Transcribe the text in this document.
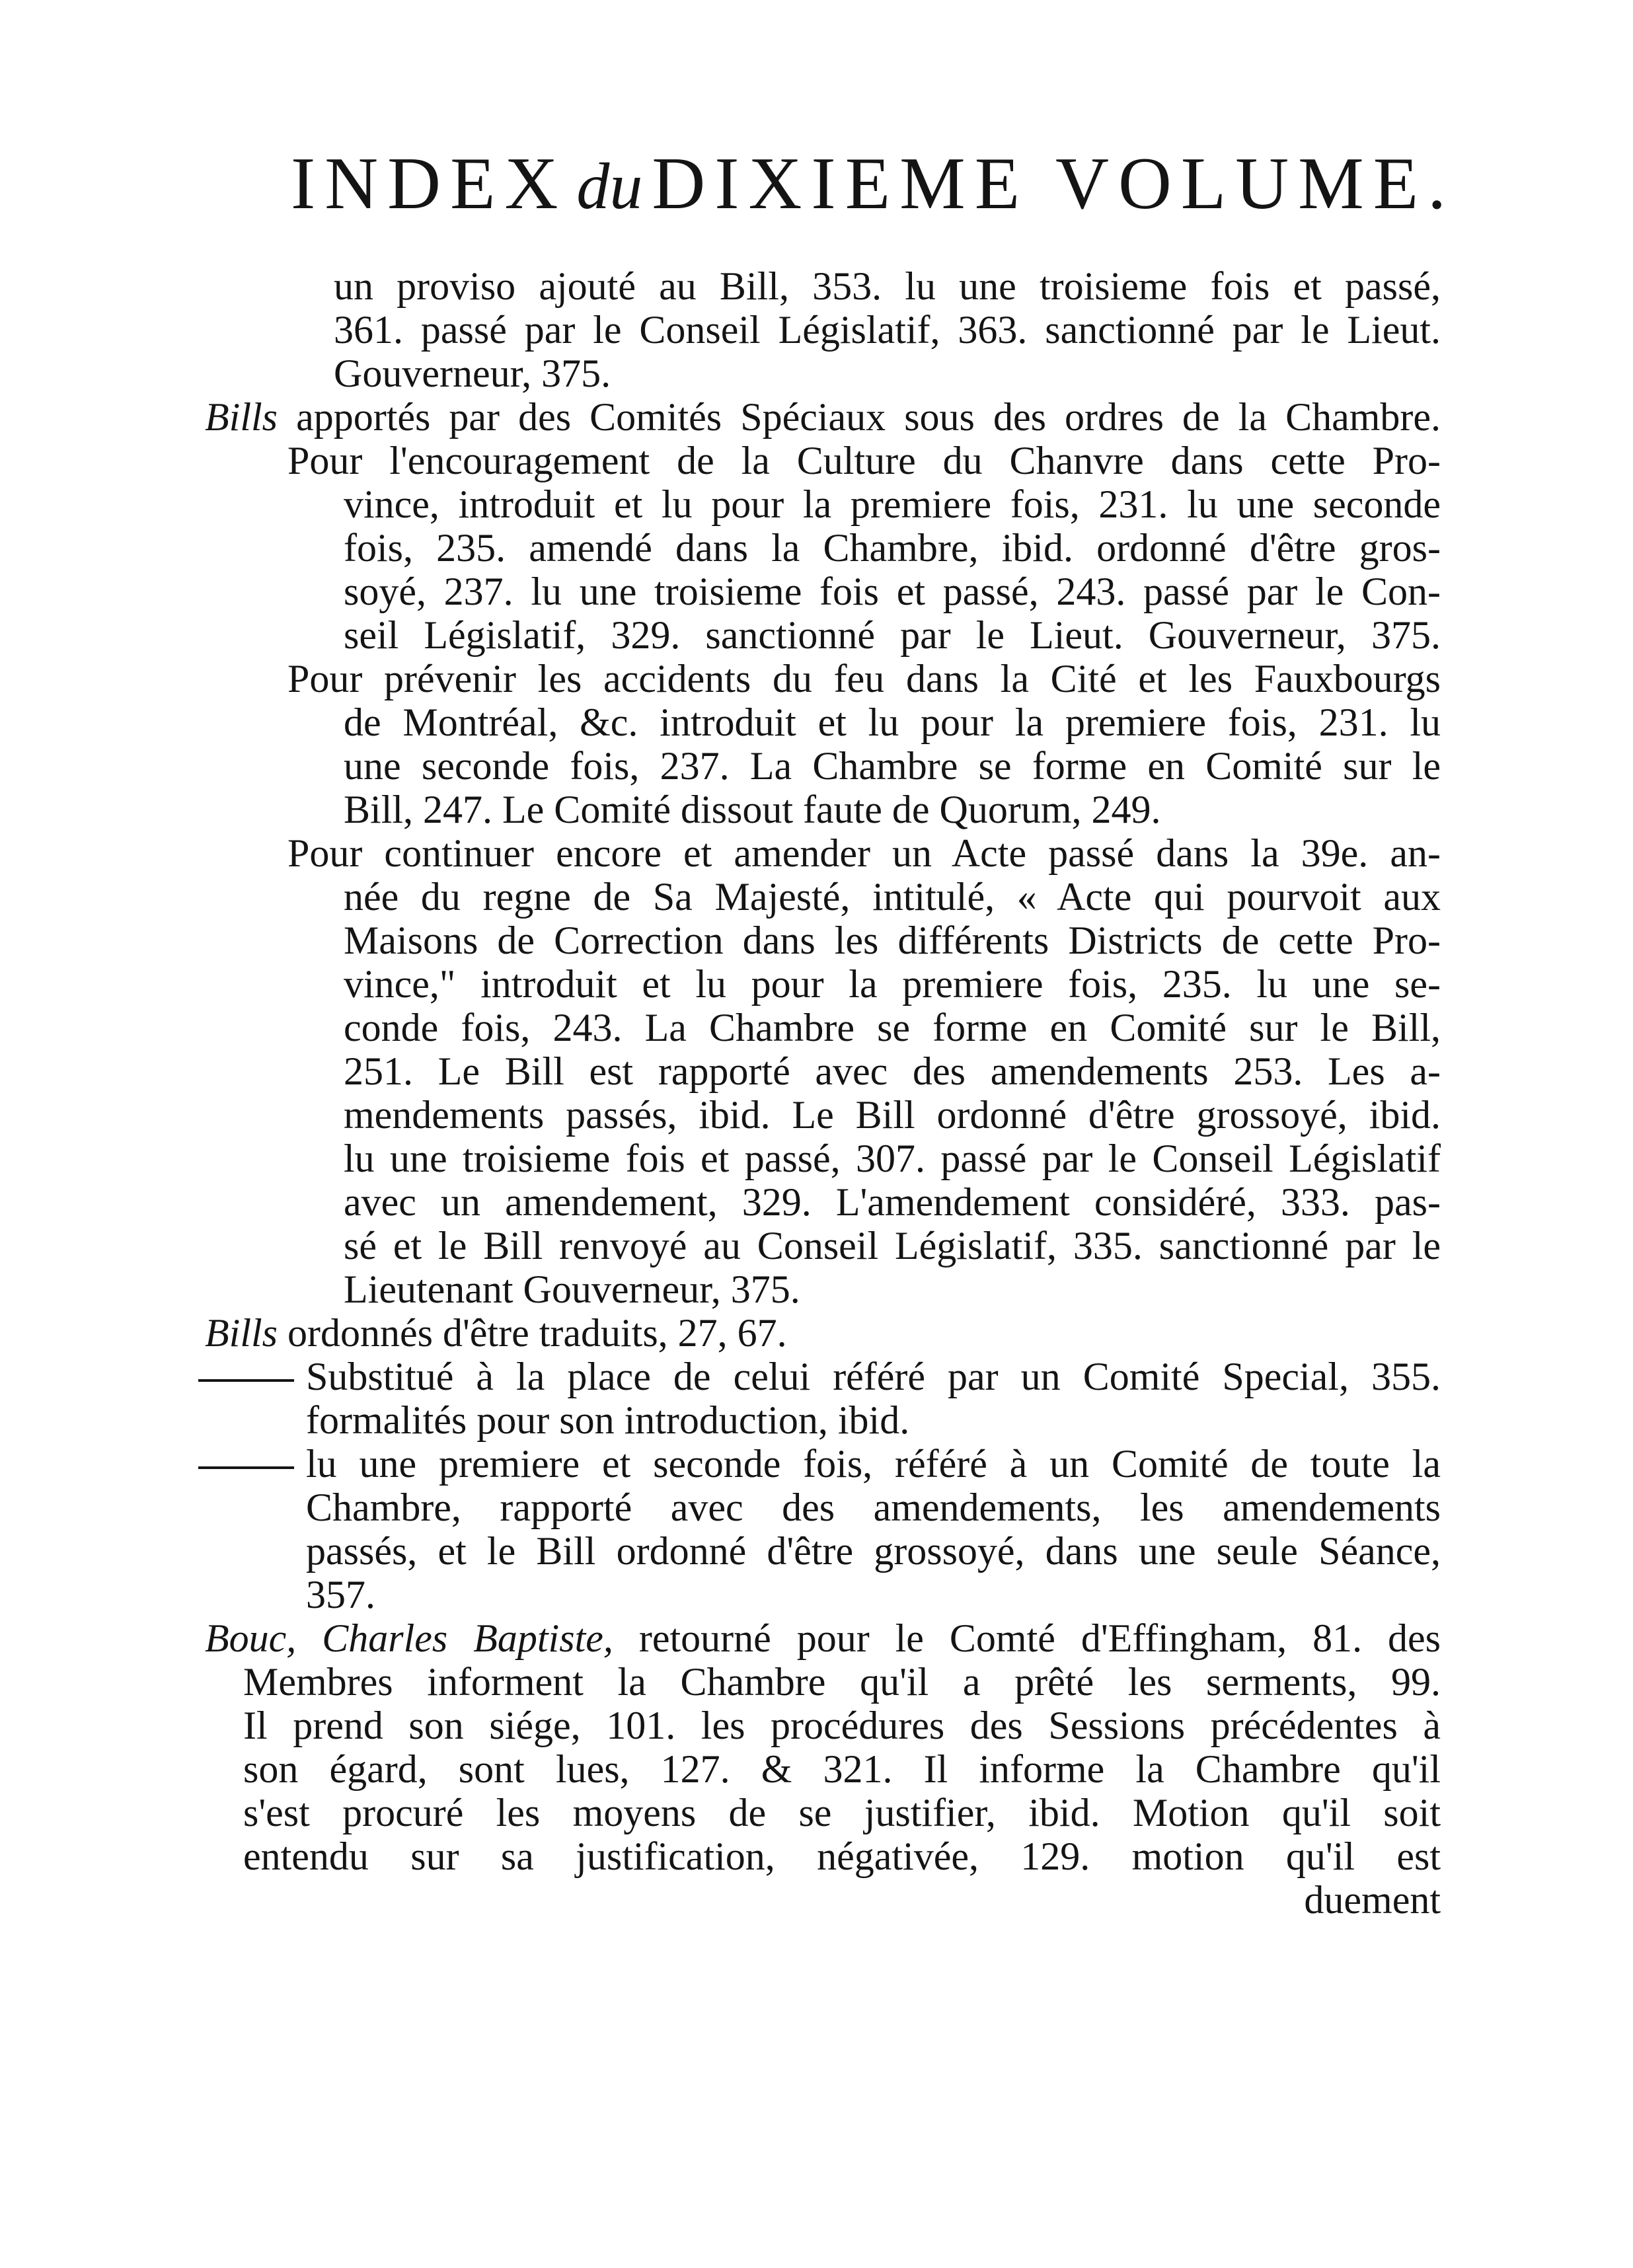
INDEX du DIXIEME VOLUME.
un proviso ajouté au Bill, 353. lu une troisieme fois et passé,
361. passé par le Conseil Législatif, 363. sanctionné par le Lieut.
Gouverneur, 375.
Bills apportés par des Comités Spéciaux sous des ordres de la Chambre.
Pour l'encouragement de la Culture du Chanvre dans cette Pro-
vince, introduit et lu pour la premiere fois, 231. lu une seconde
fois, 235. amendé dans la Chambre, ibid. ordonné d'être gros-
soyé, 237. lu une troisieme fois et passé, 243. passé par le Con-
seil Législatif, 329. sanctionné par le Lieut. Gouverneur, 375.
Pour prévenir les accidents du feu dans la Cité et les Fauxbourgs
de Montréal, &c. introduit et lu pour la premiere fois, 231. lu
une seconde fois, 237. La Chambre se forme en Comité sur le
Bill, 247. Le Comité dissout faute de Quorum, 249.
Pour continuer encore et amender un Acte passé dans la 39e. an-
née du regne de Sa Majesté, intitulé, « Acte qui pourvoit aux
Maisons de Correction dans les différents Districts de cette Pro-
vince," introduit et lu pour la premiere fois, 235. lu une se-
conde fois, 243. La Chambre se forme en Comité sur le Bill,
251. Le Bill est rapporté avec des amendements 253. Les a-
mendements passés, ibid. Le Bill ordonné d'être grossoyé, ibid.
lu une troisieme fois et passé, 307. passé par le Conseil Législatif
avec un amendement, 329. L'amendement considéré, 333. pas-
sé et le Bill renvoyé au Conseil Législatif, 335. sanctionné par le
Lieutenant Gouverneur, 375.
Bills ordonnés d'être traduits, 27, 67.
Substitué à la place de celui référé par un Comité Special, 355.
formalités pour son introduction, ibid.
lu une premiere et seconde fois, référé à un Comité de toute la
Chambre, rapporté avec des amendements, les amendements
passés, et le Bill ordonné d'être grossoyé, dans une seule Séance,
357.
Bouc, Charles Baptiste, retourné pour le Comté d'Effingham, 81. des
Membres informent la Chambre qu'il a prêté les serments, 99.
Il prend son siége, 101. les procédures des Sessions précédentes à
son égard, sont lues, 127. & 321. Il informe la Chambre qu'il
s'est procuré les moyens de se justifier, ibid. Motion qu'il soit
entendu sur sa justification, négativée, 129. motion qu'il est
duement
